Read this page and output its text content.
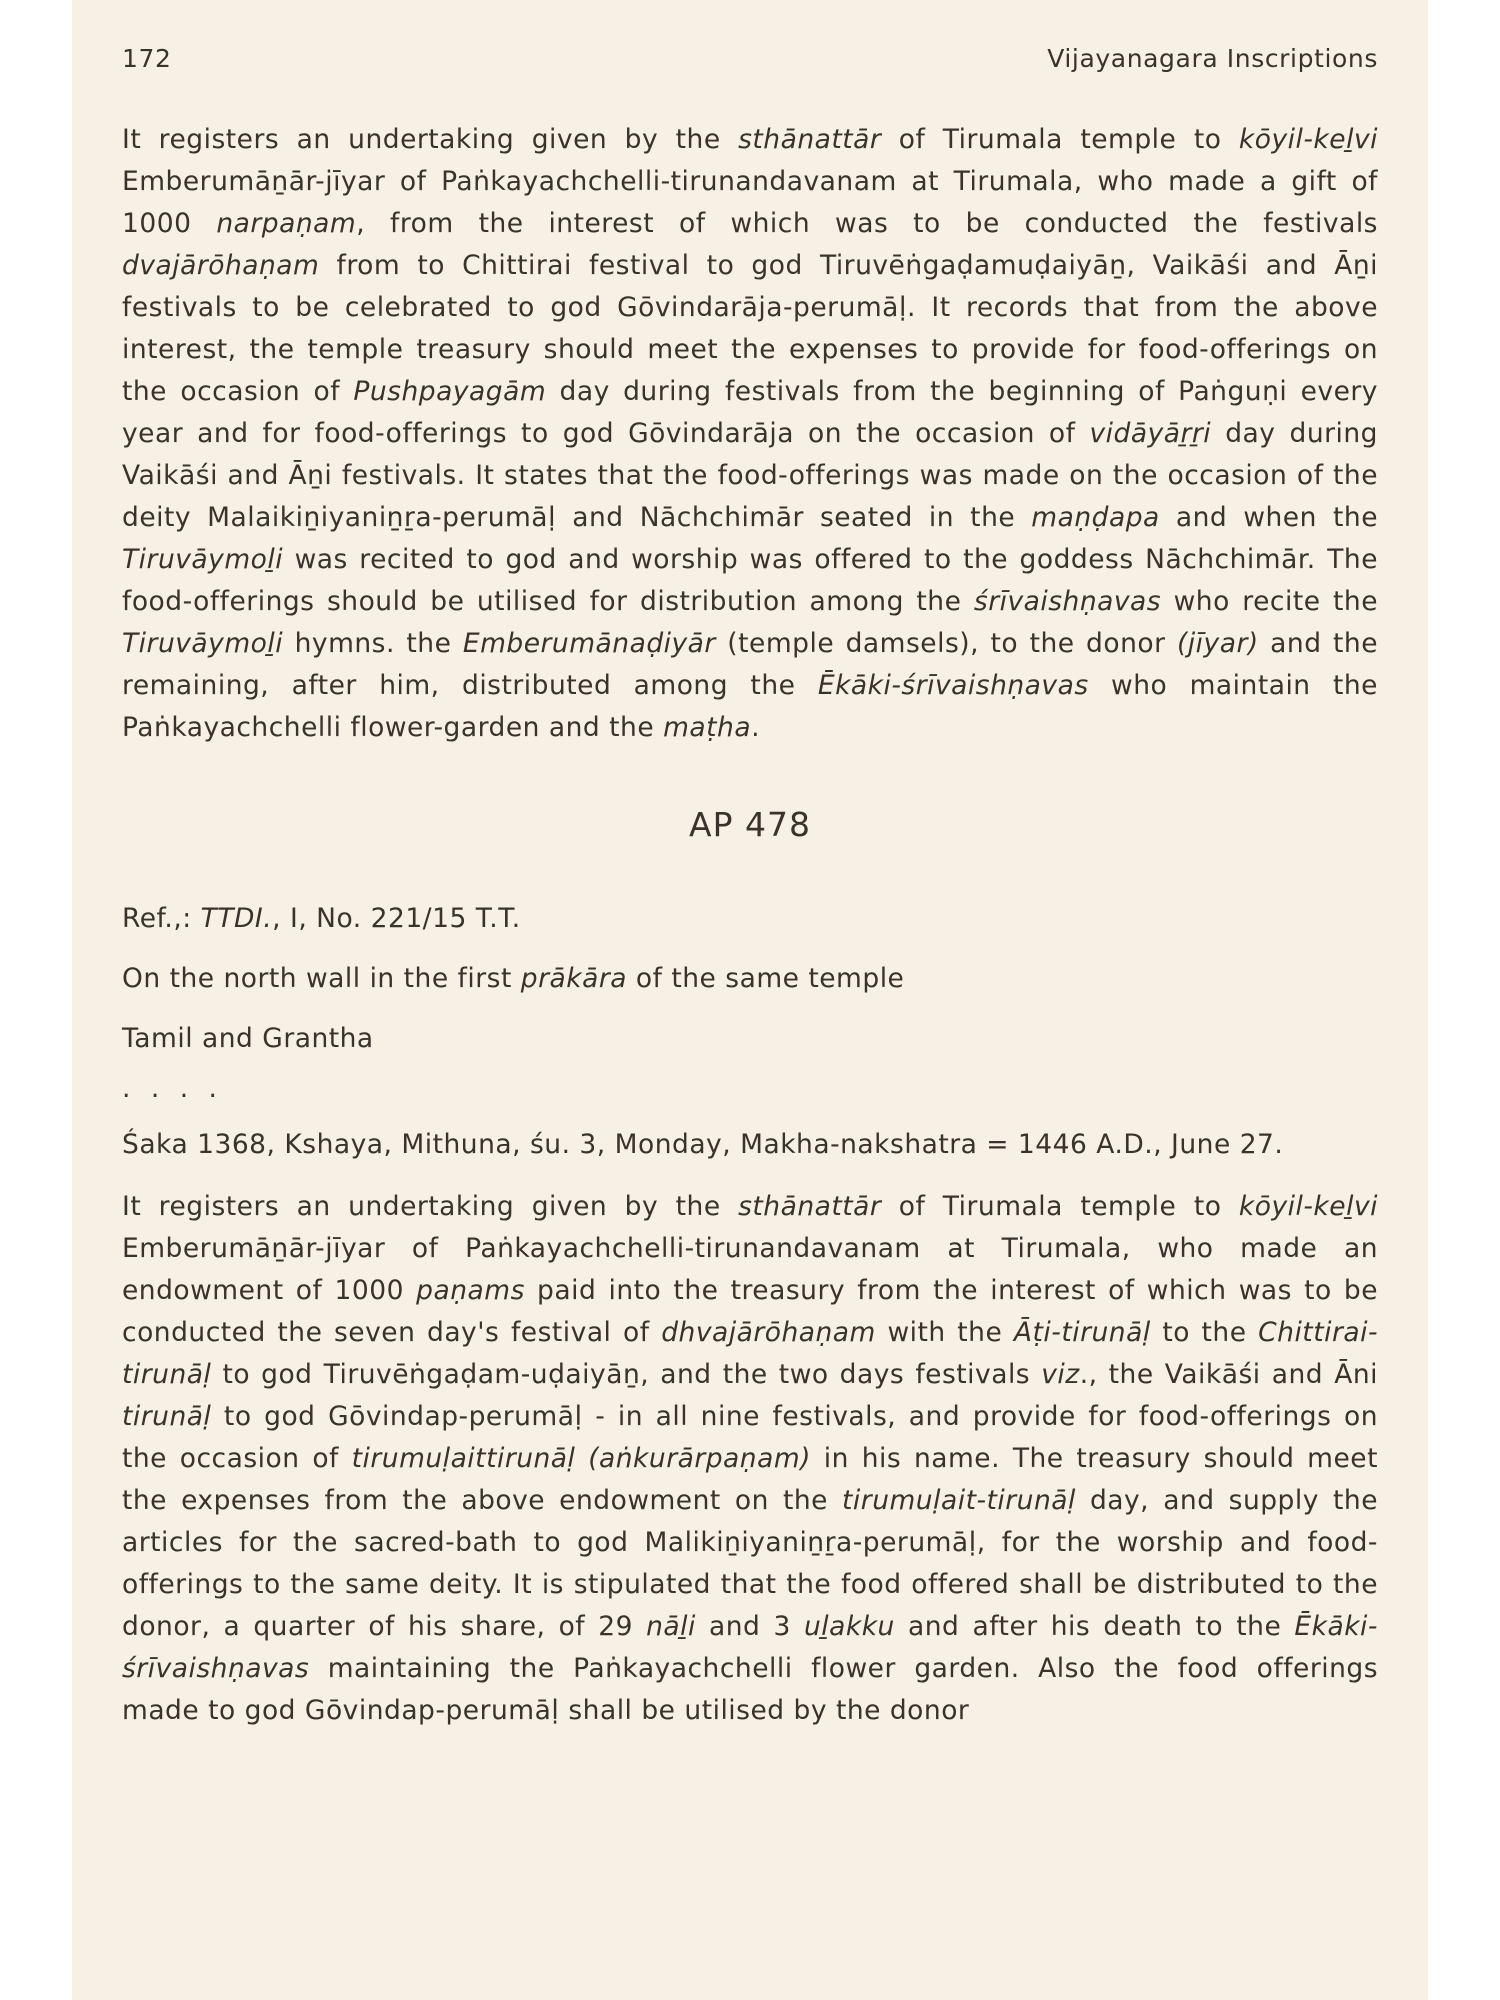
172	Vijayanagara Inscriptions

It registers an undertaking given by the sthānattār of Tirumala temple to kōyil-keḻvi Emberumāṉār-jīyar of Paṅkayachchelli-tirunandavanam at Tirumala, who made a gift of 1000 narpaṇam, from the interest of which was to be conducted the festivals dvajārōhaṇam from to Chittirai festival to god Tiruvēṅgaḍamuḍaiyāṉ, Vaikāśi and Āṉi festivals to be celebrated to god Gōvindarāja-perumāḷ. It records that from the above interest, the temple treasury should meet the expenses to provide for food-offerings on the occasion of Pushpayagām day during festivals from the beginning of Paṅguṇi every year and for food-offerings to god Gōvindarāja on the occasion of vidāyāṟṟi day during Vaikāśi and Āṉi festivals. It states that the food-offerings was made on the occasion of the deity Malaikiṉiyaniṉṟa-perumāḷ and Nāchchimār seated in the maṇḍapa and when the Tiruvāymoḻi was recited to god and worship was offered to the goddess Nāchchimār. The food-offerings should be utilised for distribution among the śrīvaishṇavas who recite the Tiruvāymoḻi hymns. the Emberumānaḍiyār (temple damsels), to the donor (jīyar) and the remaining, after him, distributed among the Ēkāki-śrīvaishṇavas who maintain the Paṅkayachchelli flower-garden and the maṭha.

AP 478
Ref.,: TTDI., I, No. 221/15 T.T.
On the north wall in the first prākāra of the same temple
Tamil and Grantha
. . . .

Śaka 1368, Kshaya, Mithuna, śu. 3, Monday, Makha-nakshatra = 1446 A.D., June 27.

It registers an undertaking given by the sthānattār of Tirumala temple to kōyil-keḻvi Emberumāṉār-jīyar of Paṅkayachchelli-tirunandavanam at Tirumala, who made an endowment of 1000 paṇams paid into the treasury from the interest of which was to be conducted the seven day's festival of dhvajārōhaṇam with the Āṭi-tirunāḷ to the Chittirai-tirunāḷ to god Tiruvēṅgaḍam-uḍaiyāṉ, and the two days festivals viz., the Vaikāśi and Āni tirunāḷ to god Gōvindap-perumāḷ - in all nine festivals, and provide for food-offerings on the occasion of tirumuḷaittirunāḷ (aṅkurārpaṇam) in his name. The treasury should meet the expenses from the above endowment on the tirumuḷait-tirunāḷ day, and supply the articles for the sacred-bath to god Malikiṉiyaniṉṟa-perumāḷ, for the worship and food-offerings to the same deity. It is stipulated that the food offered shall be distributed to the donor, a quarter of his share, of 29 nāḻi and 3 uḻakku and after his death to the Ēkāki-śrīvaishṇavas maintaining the Paṅkayachchelli flower garden. Also the food offerings made to god Gōvindap-perumāḷ shall be utilised by the donor
